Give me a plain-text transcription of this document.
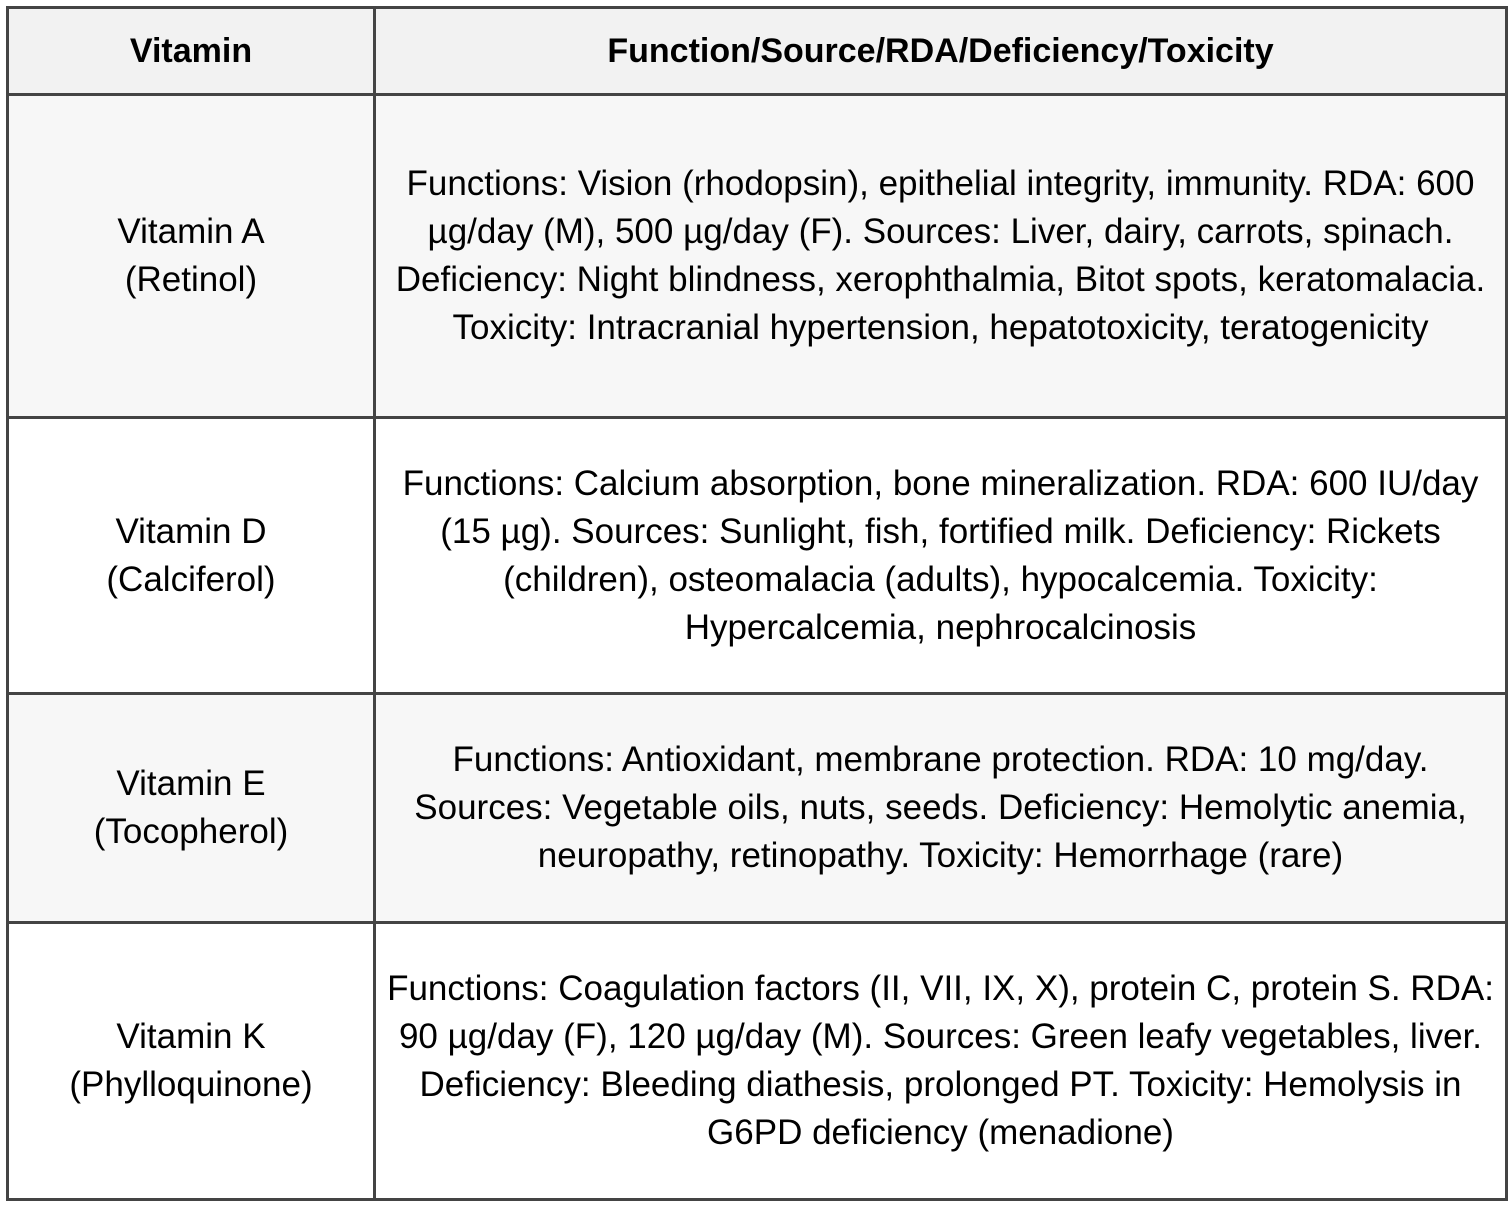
Vitamin	Function/Source/RDA/Deficiency/Toxicity

Vitamin A
(Retinol)	Functions: Vision (rhodopsin), epithelial integrity, immunity. RDA: 600 µg/day (M), 500 µg/day (F). Sources: Liver, dairy, carrots, spinach. Deficiency: Night blindness, xerophthalmia, Bitot spots, keratomalacia. Toxicity: Intracranial hypertension, hepatotoxicity, teratogenicity

Vitamin D
(Calciferol)	Functions: Calcium absorption, bone mineralization. RDA: 600 IU/day (15 µg). Sources: Sunlight, fish, fortified milk. Deficiency: Rickets (children), osteomalacia (adults), hypocalcemia. Toxicity: Hypercalcemia, nephrocalcinosis

Vitamin E
(Tocopherol)	Functions: Antioxidant, membrane protection. RDA: 10 mg/day. Sources: Vegetable oils, nuts, seeds. Deficiency: Hemolytic anemia, neuropathy, retinopathy. Toxicity: Hemorrhage (rare)

Vitamin K
(Phylloquinone)	Functions: Coagulation factors (II, VII, IX, X), protein C, protein S. RDA: 90 µg/day (F), 120 µg/day (M). Sources: Green leafy vegetables, liver. Deficiency: Bleeding diathesis, prolonged PT. Toxicity: Hemolysis in G6PD deficiency (menadione)
